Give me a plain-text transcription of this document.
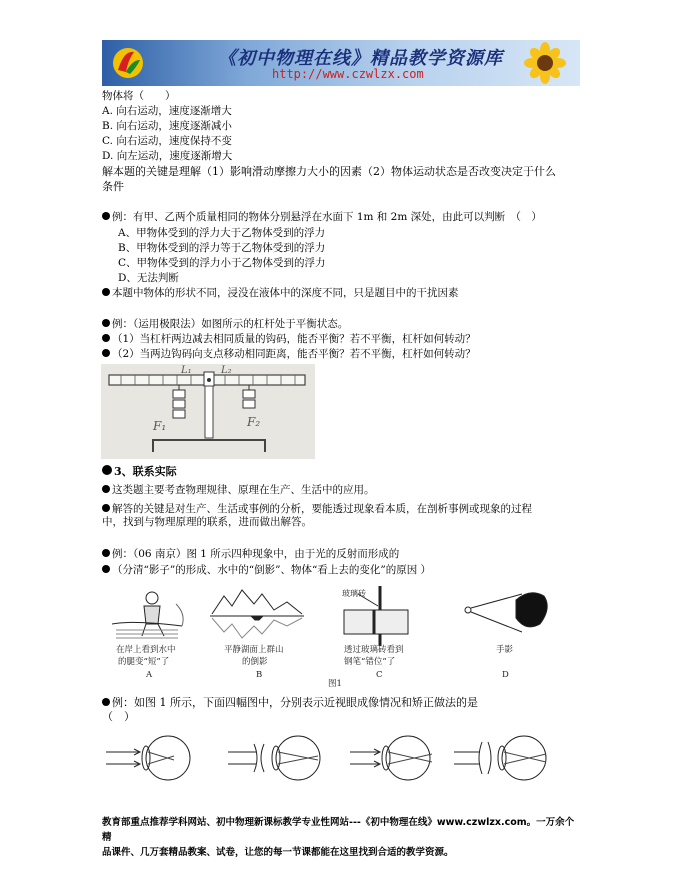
《初中物理在线》精品教学资源库
http://www.czwlzx.com
物体将（　　）
A. 向右运动，速度逐渐增大
B. 向右运动，速度逐渐减小
C. 向右运动，速度保持不变
D. 向左运动，速度逐渐增大
解本题的关键是理解（1）影响滑动摩擦力大小的因素（2）物体运动状态是否改变决定于什么
条件
例：有甲、乙两个质量相同的物体分别悬浮在水面下 1m 和 2m 深处，由此可以判断　（　）
A、甲物体受到的浮力大于乙物体受到的浮力
B、甲物体受到的浮力等于乙物体受到的浮力
C、甲物体受到的浮力小于乙物体受到的浮力
D、无法判断
本题中物体的形状不同，浸没在液体中的深度不同，只是题目中的干扰因素
例：（运用极限法）如图所示的杠杆处于平衡状态。
（1）当杠杆两边减去相同质量的钩码，能否平衡？若不平衡，杠杆如何转动？
（2）当两边钩码向支点移动相同距离，能否平衡？若不平衡，杠杆如何转动？
L₁	L₂
F₁	F₂
3、联系实际
这类题主要考查物理规律、原理在生产、生活中的应用。
解答的关键是对生产、生活或事例的分析，要能透过现象看本质，在剖析事例或现象的过程
中，找到与物理原理的联系，进而做出解答。
例：（06 南京）图 1 所示四种现象中，由于光的反射而形成的
（分清“影子”的形成、水中的“倒影”、物体“看上去的变化”的原因 ）
玻璃砖
在岸上看到水中
的腿变“短”了
平静湖面上群山
的倒影
透过玻璃砖看到
钢笔“错位”了
手影
A	B	C	D
图1
例：如图 1 所示，下面四幅图中，分别表示近视眼成像情况和矫正做法的是
（　）
教育部重点推荐学科网站、初中物理新课标教学专业性网站---《初中物理在线》www.czwlzx.com。一万余个精
品课件、几万套精品教案、试卷，让您的每一节课都能在这里找到合适的教学资源。
